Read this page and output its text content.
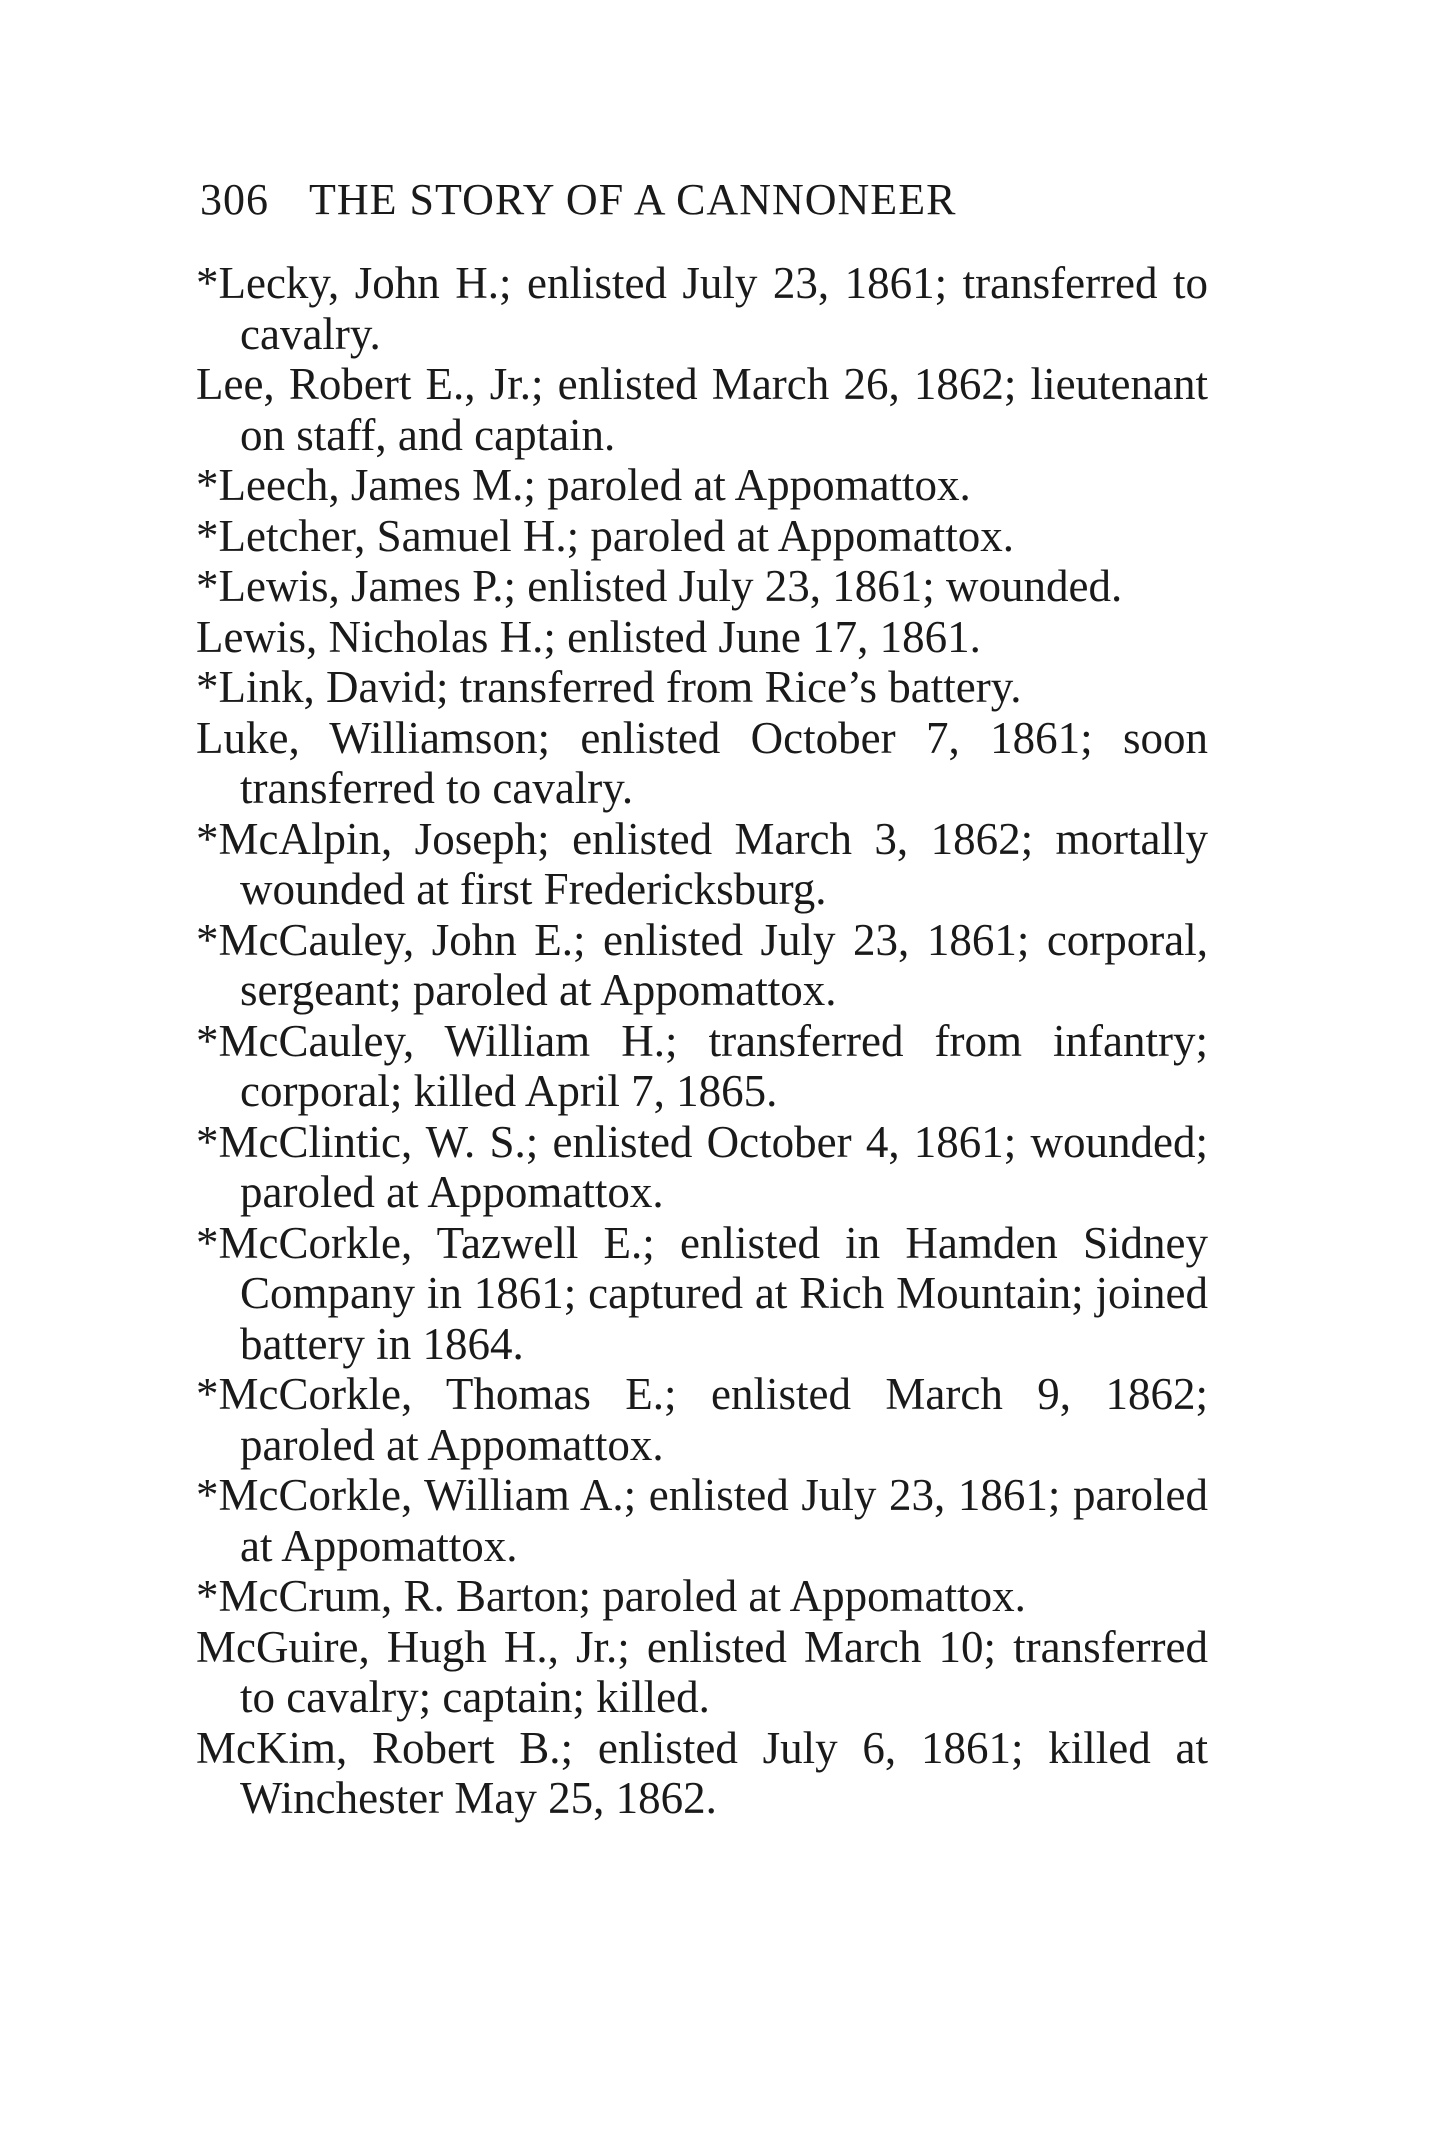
306 THE STORY OF A CANNONEER

*Lecky, John H.; enlisted July 23, 1861; transferred to cavalry.

Lee, Robert E., Jr.; enlisted March 26, 1862; lieutenant on staff, and captain.

*Leech, James M.; paroled at Appomattox.

*Letcher, Samuel H.; paroled at Appomattox.

*Lewis, James P.; enlisted July 23, 1861; wounded.

Lewis, Nicholas H.; enlisted June 17, 1861.

*Link, David; transferred from Rice’s battery.

Luke, Williamson; enlisted October 7, 1861; soon transferred to cavalry.

*McAlpin, Joseph; enlisted March 3, 1862; mortally wounded at first Fredericksburg.

*McCauley, John E.; enlisted July 23, 1861; corporal, sergeant; paroled at Appomattox.

*McCauley, William H.; transferred from infantry; corporal; killed April 7, 1865.

*McClintic, W. S.; enlisted October 4, 1861; wounded; paroled at Appomattox.

*McCorkle, Tazwell E.; enlisted in Hamden Sidney Company in 1861; captured at Rich Mountain; joined battery in 1864.

*McCorkle, Thomas E.; enlisted March 9, 1862; paroled at Appomattox.

*McCorkle, William A.; enlisted July 23, 1861; paroled at Appomattox.

*McCrum, R. Barton; paroled at Appomattox.

McGuire, Hugh H., Jr.; enlisted March 10; transferred to cavalry; captain; killed.

McKim, Robert B.; enlisted July 6, 1861; killed at Winchester May 25, 1862.
